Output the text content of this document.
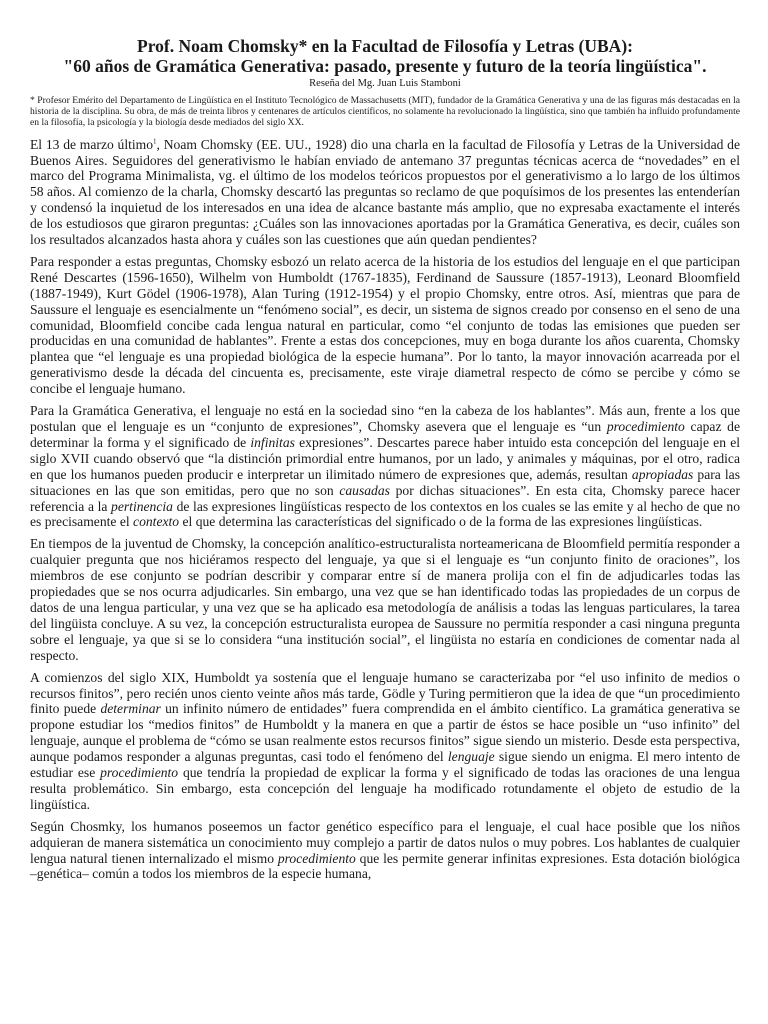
Prof. Noam Chomsky* en la Facultad de Filosofía y Letras (UBA):
"60 años de Gramática Generativa: pasado, presente y futuro de la teoría lingüística".
Reseña del Mg. Juan Luis Stamboni

* Profesor Emérito del Departamento de Lingüística en el Instituto Tecnológico de Massachusetts (MIT), fundador de la Gramática Generativa y una de las figuras más destacadas en la historia de la disciplina. Su obra, de más de treinta libros y centenares de artículos científicos, no solamente ha revolucionado la lingüística, sino que también ha influido profundamente en la filosofía, la psicología y la biología desde mediados del siglo XX.

El 13 de marzo último$^1$, Noam Chomsky (EE. UU., 1928) dio una charla en la facultad de Filosofía y Letras de la Universidad de Buenos Aires. Seguidores del generativismo le habían enviado de antemano 37 preguntas técnicas acerca de “novedades” en el marco del Programa Minimalista, vg. el último de los modelos teóricos propuestos por el generativismo a lo largo de los últimos 58 años. Al comienzo de la charla, Chomsky descartó las preguntas so reclamo de que poquísimos de los presentes las entenderían y condensó la inquietud de los interesados en una idea de alcance bastante más amplio, que no expresaba exactamente el interés de los estudiosos que giraron preguntas: ¿Cuáles son las innovaciones aportadas por la Gramática Generativa, es decir, cuáles son los resultados alcanzados hasta ahora y cuáles son las cuestiones que aún quedan pendientes?

Para responder a estas preguntas, Chomsky esbozó un relato acerca de la historia de los estudios del lenguaje en el que participan René Descartes (1596-1650), Wilhelm von Humboldt (1767-1835), Ferdinand de Saussure (1857-1913), Leonard Bloomfield (1887-1949), Kurt Gödel (1906-1978), Alan Turing (1912-1954) y el propio Chomsky, entre otros. Así, mientras que para de Saussure el lenguaje es esencialmente un “fenómeno social”, es decir, un sistema de signos creado por consenso en el seno de una comunidad, Bloomfield concibe cada lengua natural en particular, como “el conjunto de todas las emisiones que pueden ser producidas en una comunidad de hablantes”. Frente a estas dos concepciones, muy en boga durante los años cuarenta, Chomsky plantea que “el lenguaje es una propiedad biológica de la especie humana”. Por lo tanto, la mayor innovación acarreada por el generativismo desde la década del cincuenta es, precisamente, este viraje diametral respecto de cómo se percibe y cómo se concibe el lenguaje humano.

Para la Gramática Generativa, el lenguaje no está en la sociedad sino “en la cabeza de los hablantes”. Más aun, frente a los que postulan que el lenguaje es un “conjunto de expresiones”, Chomsky asevera que el lenguaje es “un procedimiento capaz de determinar la forma y el significado de infinitas expresiones”. Descartes parece haber intuido esta concepción del lenguaje en el siglo XVII cuando observó que “la distinción primordial entre humanos, por un lado, y animales y máquinas, por el otro, radica en que los humanos pueden producir e interpretar un ilimitado número de expresiones que, además, resultan apropiadas para las situaciones en las que son emitidas, pero que no son causadas por dichas situaciones”. En esta cita, Chomsky parece hacer referencia a la pertinencia de las expresiones lingüísticas respecto de los contextos en los cuales se las emite y al hecho de que no es precisamente el contexto el que determina las características del significado o de la forma de las expresiones lingüísticas.

En tiempos de la juventud de Chomsky, la concepción analítico-estructuralista norteamericana de Bloomfield permitía responder a cualquier pregunta que nos hiciéramos respecto del lenguaje, ya que si el lenguaje es “un conjunto finito de oraciones”, los miembros de ese conjunto se podrían describir y comparar entre sí de manera prolija con el fin de adjudicarles todas las propiedades que se nos ocurra adjudicarles. Sin embargo, una vez que se han identificado todas las propiedades de un corpus de datos de una lengua particular, y una vez que se ha aplicado esa metodología de análisis a todas las lenguas particulares, la tarea del lingüista concluye. A su vez, la concepción estructuralista europea de Saussure no permitía responder a casi ninguna pregunta sobre el lenguaje, ya que si se lo considera “una institución social”, el lingüista no estaría en condiciones de comentar nada al respecto.

A comienzos del siglo XIX, Humboldt ya sostenía que el lenguaje humano se caracterizaba por “el uso infinito de medios o recursos finitos”, pero recién unos ciento veinte años más tarde, Gödle y Turing permitieron que la idea de que “un procedimiento finito puede determinar un infinito número de entidades” fuera comprendida en el ámbito científico. La gramática generativa se propone estudiar los “medios finitos” de Humboldt y la manera en que a partir de éstos se hace posible un “uso infinito” del lenguaje, aunque el problema de “cómo se usan realmente estos recursos finitos” sigue siendo un misterio. Desde esta perspectiva, aunque podamos responder a algunas preguntas, casi todo el fenómeno del lenguaje sigue siendo un enigma. El mero intento de estudiar ese procedimiento que tendría la propiedad de explicar la forma y el significado de todas las oraciones de una lengua resulta problemático. Sin embargo, esta concepción del lenguaje ha modificado rotundamente el objeto de estudio de la lingüística.

Según Chosmky, los humanos poseemos un factor genético específico para el lenguaje, el cual hace posible que los niños adquieran de manera sistemática un conocimiento muy complejo a partir de datos nulos o muy pobres. Los hablantes de cualquier lengua natural tienen internalizado el mismo procedimiento que les permite generar infinitas expresiones. Esta dotación biológica –genética– común a todos los miembros de la especie humana,
